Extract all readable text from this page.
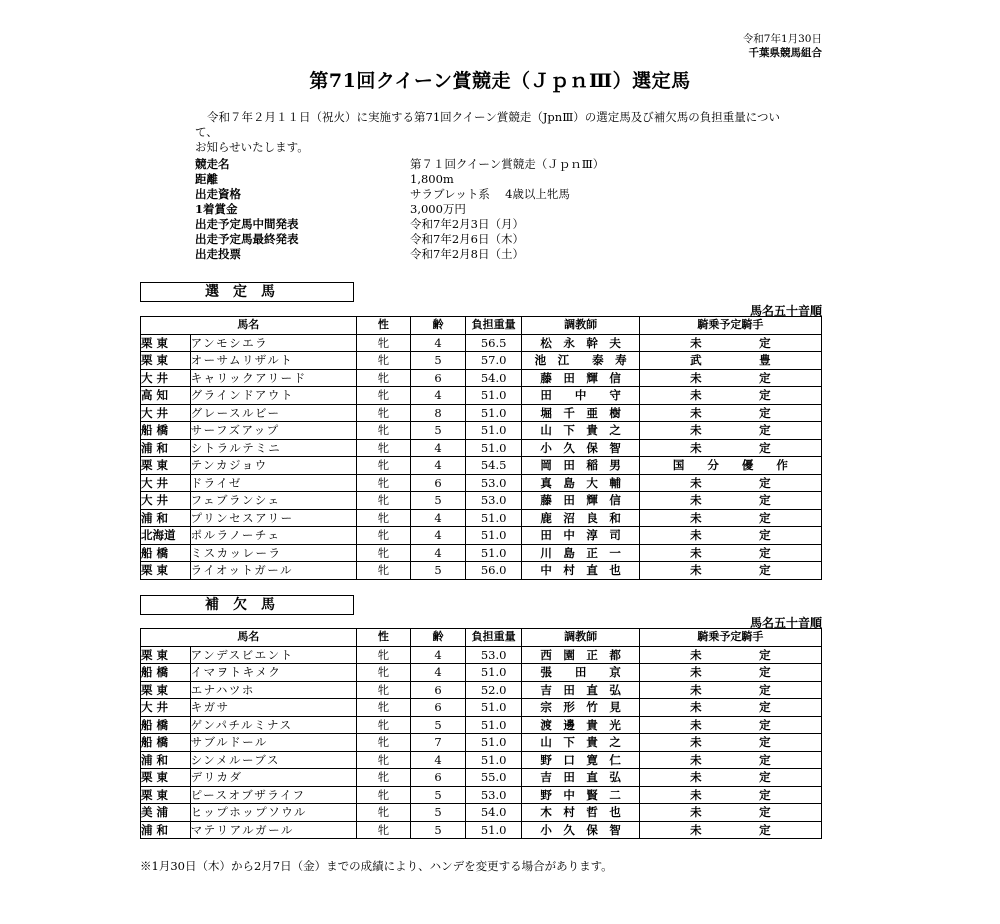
令和7年1月30日
千葉県競馬組合
第71回クイーン賞競走（ＪｐｎⅢ）選定馬
令和７年２月１１日（祝火）に実施する第71回クイーン賞競走（JpnⅢ）の選定馬及び補欠馬の負担重量について、
お知らせいたします。
競走名	第７１回クイーン賞競走（ＪｐｎⅢ）
距離	1,800m
出走資格	サラブレット系　 4歳以上牝馬
1着賞金	3,000万円
出走予定馬中間発表	令和7年2月3日（月）
出走予定馬最終発表	令和7年2月6日（木）
出走投票	令和7年2月8日（土）
選定馬
馬名五十音順
馬名		性	齢	負担重量	調教師	騎乗予定騎手
栗 東	アンモシエラ	牝	4	56.5	松　永　幹　夫	未　　　　　定
栗 東	オーサムリザルト	牝	5	57.0	池　江　　泰　寿	武　　　　　豊
大 井	キャリックアリード	牝	6	54.0	藤　田　輝　信	未　　　　　定
高 知	グラインドアウト	牝	4	51.0	田　　中　　守	未　　　　　定
大 井	グレースルビー	牝	8	51.0	堀　千　亜　樹	未　　　　　定
船 橋	サーフズアップ	牝	5	51.0	山　下　貴　之	未　　　　　定
浦 和	シトラルテミニ	牝	4	51.0	小　久　保　智	未　　　　　定
栗 東	テンカジョウ	牝	4	54.5	岡　田　稲　男	国　　分　　優　　作
大 井	ドライゼ	牝	6	53.0	真　島　大　輔	未　　　　　定
大 井	フェブランシェ	牝	5	53.0	藤　田　輝　信	未　　　　　定
浦 和	プリンセスアリー	牝	4	51.0	鹿　沼　良　和	未　　　　　定
北海道	ポルラノーチェ	牝	4	51.0	田　中　淳　司	未　　　　　定
船 橋	ミスカッレーラ	牝	4	51.0	川　島　正　一	未　　　　　定
栗 東	ライオットガール	牝	5	56.0	中　村　直　也	未　　　　　定
補欠馬
馬名五十音順
馬名		性	齢	負担重量	調教師	騎乗予定騎手
栗 東	アンデスビエント	牝	4	53.0	西　園　正　都	未　　　　　定
船 橋	イマヲトキメク	牝	4	51.0	張　　田　　京	未　　　　　定
栗 東	エナハツホ	牝	6	52.0	吉　田　直　弘	未　　　　　定
大 井	キガサ	牝	6	51.0	宗　形　竹　見	未　　　　　定
船 橋	ゲンパチルミナス	牝	5	51.0	渡　邊　貴　光	未　　　　　定
船 橋	サブルドール	牝	7	51.0	山　下　貴　之	未　　　　　定
浦 和	シンメルーブス	牝	4	51.0	野　口　寛　仁	未　　　　　定
栗 東	デリカダ	牝	6	55.0	吉　田　直　弘	未　　　　　定
栗 東	ピースオブザライフ	牝	5	53.0	野　中　賢　二	未　　　　　定
美 浦	ヒップホップソウル	牝	5	54.0	木　村　哲　也	未　　　　　定
浦 和	マテリアルガール	牝	5	51.0	小　久　保　智	未　　　　　定
※1月30日（木）から2月7日（金）までの成績により、ハンデを変更する場合があります。
